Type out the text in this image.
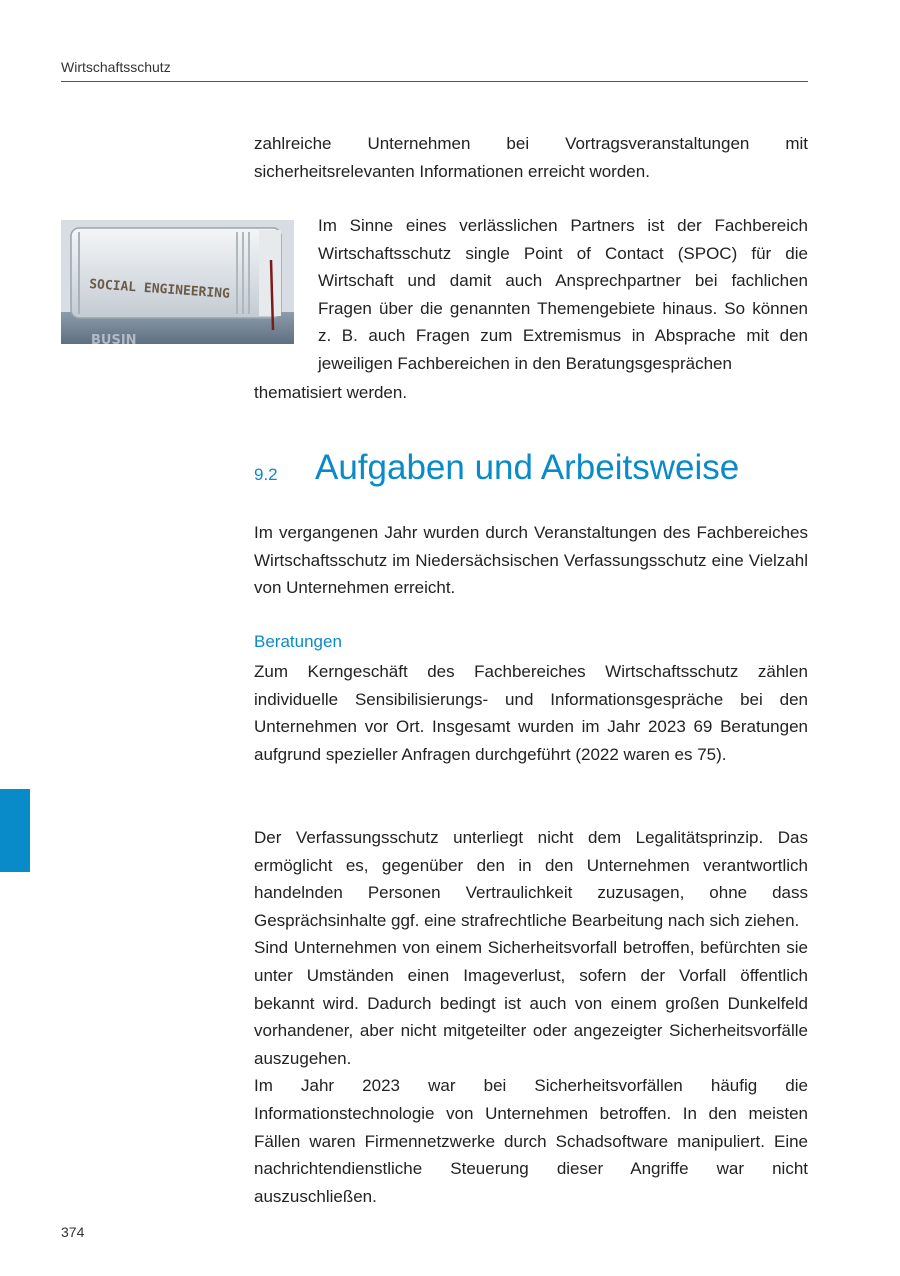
Wirtschaftsschutz

zahlreiche Unternehmen bei Vortragsveranstaltungen mit sicherheitsrelevanten Informationen erreicht worden.

SOCIAL ENGINEERING
BUSIN

Im Sinne eines verlässlichen Partners ist der Fachbereich Wirtschaftsschutz single Point of Contact (SPOC) für die Wirtschaft und damit auch Ansprechpartner bei fachlichen Fragen über die genannten Themengebiete hinaus. So können z. B. auch Fragen zum Extremismus in Absprache mit den jeweiligen Fachbereichen in den Beratungsgesprächen

thematisiert werden.

9.2 Aufgaben und Arbeitsweise

Im vergangenen Jahr wurden durch Veranstaltungen des Fachbereiches Wirtschaftsschutz im Niedersächsischen Verfassungsschutz eine Vielzahl von Unternehmen erreicht.

Beratungen

Zum Kerngeschäft des Fachbereiches Wirtschaftsschutz zählen individuelle Sensibilisierungs- und Informationsgespräche bei den Unternehmen vor Ort. Insgesamt wurden im Jahr 2023 69 Beratungen aufgrund spezieller Anfragen durchgeführt (2022 waren es 75).

Der Verfassungsschutz unterliegt nicht dem Legalitätsprinzip. Das ermöglicht es, gegenüber den in den Unternehmen verantwortlich handelnden Personen Vertraulichkeit zuzusagen, ohne dass Gesprächsinhalte ggf. eine strafrechtliche Bearbeitung nach sich ziehen.

Sind Unternehmen von einem Sicherheitsvorfall betroffen, befürchten sie unter Umständen einen Imageverlust, sofern der Vorfall öffentlich bekannt wird. Dadurch bedingt ist auch von einem großen Dunkelfeld vorhandener, aber nicht mitgeteilter oder angezeigter Sicherheitsvorfälle auszugehen.

Im Jahr 2023 war bei Sicherheitsvorfällen häufig die Informationstechnologie von Unternehmen betroffen. In den meisten Fällen waren Firmennetzwerke durch Schadsoftware manipuliert. Eine nachrichtendienstliche Steuerung dieser Angriffe war nicht auszuschließen.

374
